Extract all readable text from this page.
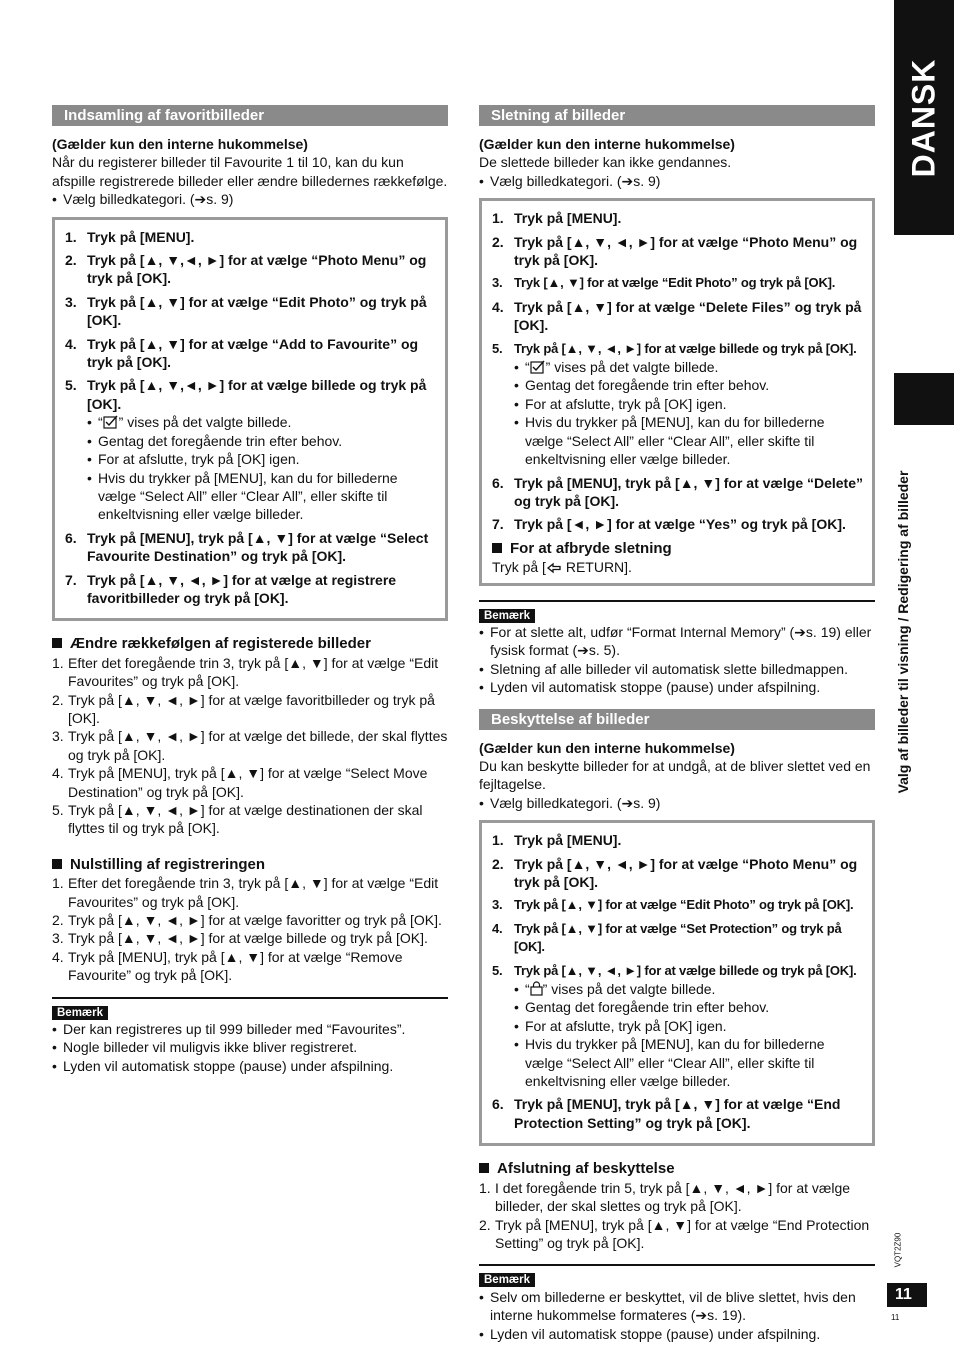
DANSK
Valg af billeder til visning / Redigering af billeder
VQT2Z90
11
11
Indsamling af favoritbilleder

(Gælder kun den interne hukommelse)

Når du registerer billeder til Favourite 1 til 10, kan du kun afspille registrerede billeder eller ændre billedernes rækkefølge.

• Vælg billedkategori. (➔s. 9)
1. Tryk på [MENU].
2. Tryk på [▲, ▼,◄, ►] for at vælge “Photo Menu” og tryk på [OK].
3. Tryk på [▲, ▼] for at vælge “Edit Photo” og tryk på [OK].
4. Tryk på [▲, ▼] for at vælge “Add to Favourite” og tryk på [OK].
5. Tryk på [▲, ▼,◄, ►] for at vælge billede og tryk på [OK].
• “ ” vises på det valgte billede.
• Gentag det foregående trin efter behov.
• For at afslutte, tryk på [OK] igen.
• Hvis du trykker på [MENU], kan du for billederne vælge “Select All” eller “Clear All”, eller skifte til enkeltvisning eller vælge billeder.
6. Tryk på [MENU], tryk på [▲, ▼] for at vælge “Select Favourite Destination” og tryk på [OK].
7. Tryk på [▲, ▼, ◄, ►] for at vælge at registrere favoritbilleder og tryk på [OK].
Ændre rækkefølgen af registerede billeder
1. Efter det foregående trin 3, tryk på [▲, ▼] for at vælge “Edit Favourites” og tryk på [OK].
2. Tryk på [▲, ▼, ◄, ►] for at vælge favoritbilleder og tryk på [OK].
3. Tryk på [▲, ▼, ◄, ►] for at vælge det billede, der skal flyttes og tryk på [OK].
4. Tryk på [MENU], tryk på [▲, ▼] for at vælge “Select Move Destination” og tryk på [OK].
5. Tryk på [▲, ▼, ◄, ►] for at vælge destinationen der skal flyttes til og tryk på [OK].
Nulstilling af registreringen
1. Efter det foregående trin 3, tryk på [▲, ▼] for at vælge “Edit Favourites” og tryk på [OK].
2. Tryk på [▲, ▼, ◄, ►] for at vælge favoritter og tryk på [OK].
3. Tryk på [▲, ▼, ◄, ►] for at vælge billede og tryk på [OK].
4. Tryk på [MENU], tryk på [▲, ▼] for at vælge “Remove Favourite” og tryk på [OK].
Bemærk
• Der kan registreres up til 999 billeder med “Favourites”.
• Nogle billeder vil muligvis ikke bliver registreret.
• Lyden vil automatisk stoppe (pause) under afspilning.
Sletning af billeder

(Gælder kun den interne hukommelse)

De slettede billeder kan ikke gendannes.

• Vælg billedkategori. (➔s. 9)
1. Tryk på [MENU].
2. Tryk på [▲, ▼, ◄, ►] for at vælge “Photo Menu” og tryk på [OK].
3. Tryk [▲, ▼] for at vælge “Edit Photo” og tryk på [OK].
4. Tryk på [▲, ▼] for at vælge “Delete Files” og tryk på [OK].
5. Tryk på [▲, ▼, ◄, ►] for at vælge billede og tryk på [OK].
• “ ” vises på det valgte billede.
• Gentag det foregående trin efter behov.
• For at afslutte, tryk på [OK] igen.
• Hvis du trykker på [MENU], kan du for billederne vælge “Select All” eller “Clear All”, eller skifte til enkeltvisning eller vælge billeder.
6. Tryk på [MENU], tryk på [▲, ▼] for at vælge “Delete” og tryk på [OK].
7. Tryk på [◄, ►] for at vælge “Yes” og tryk på [OK].
For at afbryde sletning

Tryk på [ RETURN].

Bemærk
• For at slette alt, udfør “Format Internal Memory” (➔s. 19) eller fysisk format (➔s. 5).
• Sletning af alle billeder vil automatisk slette billedmappen.
• Lyden vil automatisk stoppe (pause) under afspilning.
Beskyttelse af billeder

(Gælder kun den interne hukommelse)

Du kan beskytte billeder for at undgå, at de bliver slettet ved en fejltagelse.

• Vælg billedkategori. (➔s. 9)
1. Tryk på [MENU].
2. Tryk på [▲, ▼, ◄, ►] for at vælge “Photo Menu” og tryk på [OK].
3. Tryk på [▲, ▼] for at vælge “Edit Photo” og tryk på [OK].
4. Tryk på [▲, ▼] for at vælge “Set Protection” og tryk på [OK].
5. Tryk på [▲, ▼, ◄, ►] for at vælge billede og tryk på [OK].
• “ ” vises på det valgte billede.
• Gentag det foregående trin efter behov.
• For at afslutte, tryk på [OK] igen.
• Hvis du trykker på [MENU], kan du for billederne vælge “Select All” eller “Clear All”, eller skifte til enkeltvisning eller vælge billeder.
6. Tryk på [MENU], tryk på [▲, ▼] for at vælge “End Protection Setting” og tryk på [OK].
Afslutning af beskyttelse
1. I det foregående trin 5, tryk på [▲, ▼, ◄, ►] for at vælge billeder, der skal slettes og tryk på [OK].
2. Tryk på [MENU], tryk på [▲, ▼] for at vælge “End Protection Setting” og tryk på [OK].
Bemærk
• Selv om billederne er beskyttet, vil de blive slettet, hvis den interne hukommelse formateres (➔s. 19).
• Lyden vil automatisk stoppe (pause) under afspilning.
